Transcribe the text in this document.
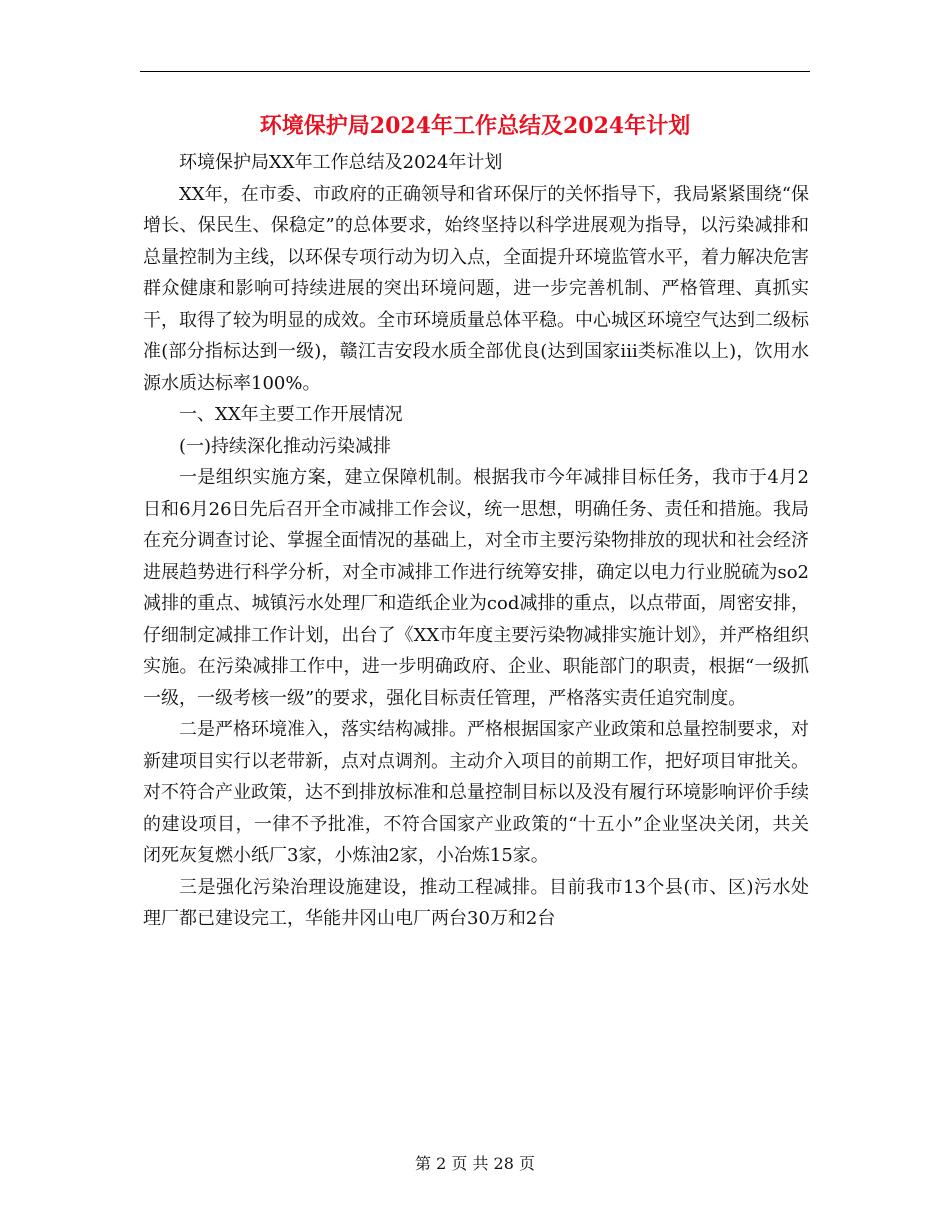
环境保护局2024年工作总结及2024年计划

环境保护局XX年工作总结及2024年计划

XX年，在市委、市政府的正确领导和省环保厅的关怀指导下，我局紧紧围绕“保增长、保民生、保稳定”的总体要求，始终坚持以科学进展观为指导，以污染减排和总量控制为主线，以环保专项行动为切入点，全面提升环境监管水平，着力解决危害群众健康和影响可持续进展的突出环境问题，进一步完善机制、严格管理、真抓实干，取得了较为明显的成效。全市环境质量总体平稳。中心城区环境空气达到二级标准(部分指标达到一级)，赣江吉安段水质全部优良(达到国家iii类标准以上)，饮用水源水质达标率100%。

一、XX年主要工作开展情况

(一)持续深化推动污染减排

一是组织实施方案，建立保障机制。根据我市今年减排目标任务，我市于4月2日和6月26日先后召开全市减排工作会议，统一思想，明确任务、责任和措施。我局在充分调查讨论、掌握全面情况的基础上，对全市主要污染物排放的现状和社会经济进展趋势进行科学分析，对全市减排工作进行统筹安排，确定以电力行业脱硫为so2减排的重点、城镇污水处理厂和造纸企业为cod减排的重点，以点带面，周密安排，仔细制定减排工作计划，出台了《XX市年度主要污染物减排实施计划》，并严格组织实施。在污染减排工作中，进一步明确政府、企业、职能部门的职责，根据“一级抓一级，一级考核一级”的要求，强化目标责任管理，严格落实责任追究制度。

二是严格环境准入，落实结构减排。严格根据国家产业政策和总量控制要求，对新建项目实行以老带新，点对点调剂。主动介入项目的前期工作，把好项目审批关。对不符合产业政策，达不到排放标准和总量控制目标以及没有履行环境影响评价手续的建设项目，一律不予批准，不符合国家产业政策的“十五小”企业坚决关闭，共关闭死灰复燃小纸厂3家，小炼油2家，小冶炼15家。

三是强化污染治理设施建设，推动工程减排。目前我市13个县(市、区)污水处理厂都已建设完工，华能井冈山电厂两台30万和2台

第 2 页 共 28 页
